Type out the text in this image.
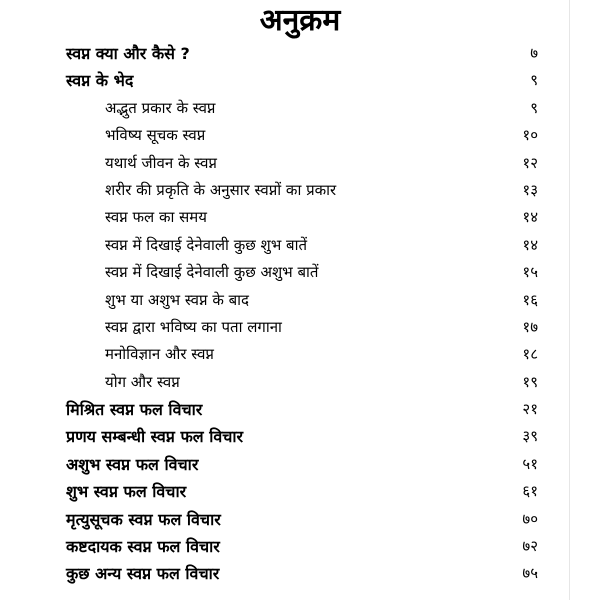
अनुक्रम
स्वप्न क्या और कैसे ?	७
स्वप्न के भेद	९
अद्भुत प्रकार के स्वप्न	९
भविष्य सूचक स्वप्न	१०
यथार्थ जीवन के स्वप्न	१२
शरीर की प्रकृति के अनुसार स्वप्नों का प्रकार	१३
स्वप्न फल का समय	१४
स्वप्न में दिखाई देनेवाली कुछ शुभ बातें	१४
स्वप्न में दिखाई देनेवाली कुछ अशुभ बातें	१५
शुभ या अशुभ स्वप्न के बाद	१६
स्वप्न द्वारा भविष्य का पता लगाना	१७
मनोविज्ञान और स्वप्न	१८
योग और स्वप्न	१९
मिश्रित स्वप्न फल विचार	२१
प्रणय सम्बन्धी स्वप्न फल विचार	३९
अशुभ स्वप्न फल विचार	५१
शुभ स्वप्न फल विचार	६१
मृत्युसूचक स्वप्न फल विचार	७०
कष्टदायक स्वप्न फल विचार	७२
कुछ अन्य स्वप्न फल विचार	७५
